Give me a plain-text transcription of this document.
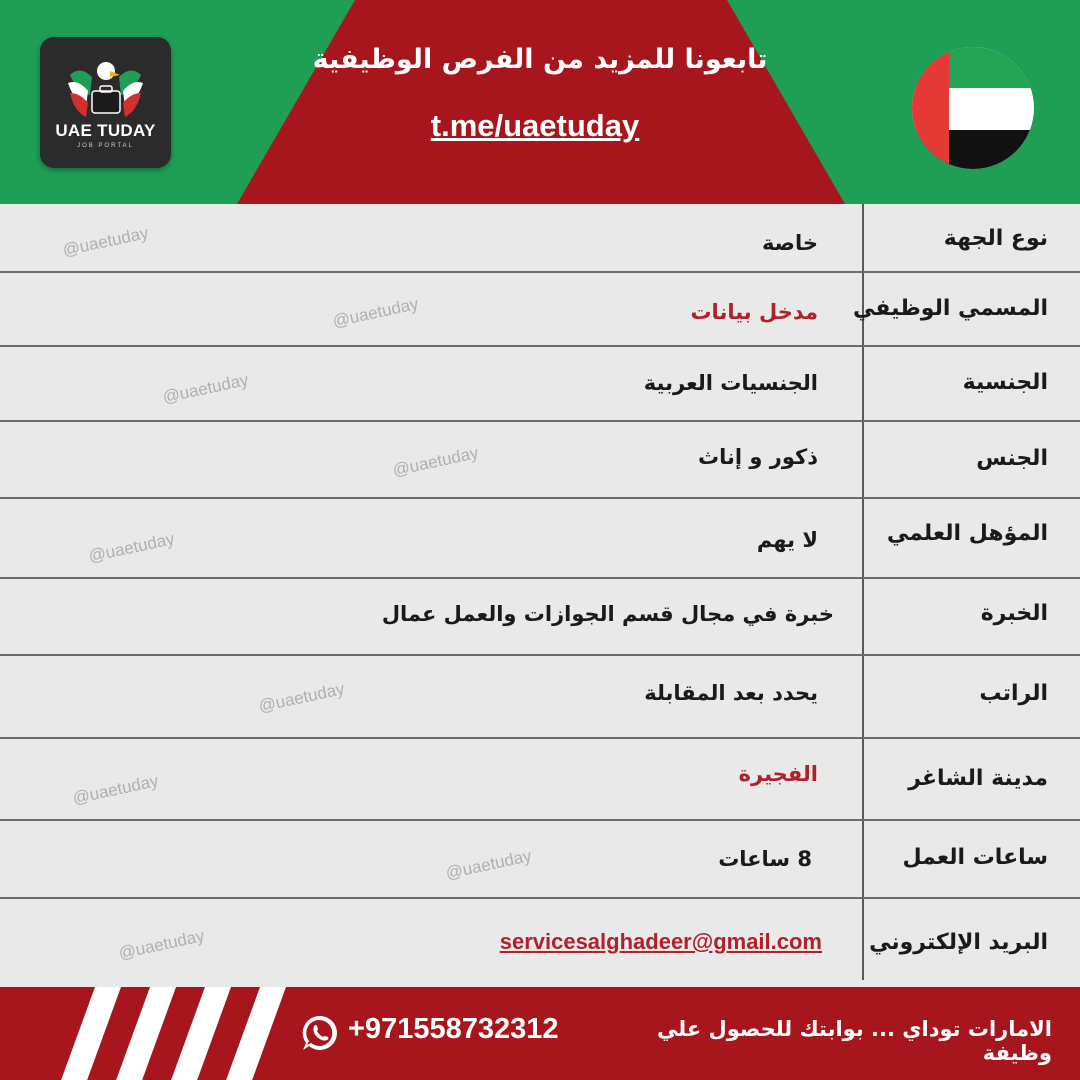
UAE TUDAY
JOB PORTAL
تابعونا للمزيد من الفرص الوظيفية
t.me/uaetuday
نوع الجهة
خاصة
المسمي الوظيفي
مدخل بيانات
الجنسية
الجنسيات العربية
الجنس
ذكور و إناث
المؤهل العلمي
لا يهم
الخبرة
خبرة في مجال قسم الجوازات والعمل عمال
الراتب
يحدد بعد المقابلة
مدينة الشاغر
الفجيرة
ساعات العمل
8 ساعات
البريد الإلكتروني
servicesalghadeer@gmail.com
@uaetuday
@uaetuday
@uaetuday
@uaetuday
@uaetuday
@uaetuday
@uaetuday
@uaetuday
@uaetuday
+971558732312	الامارات توداي ... بوابتك للحصول علي وظيفة
